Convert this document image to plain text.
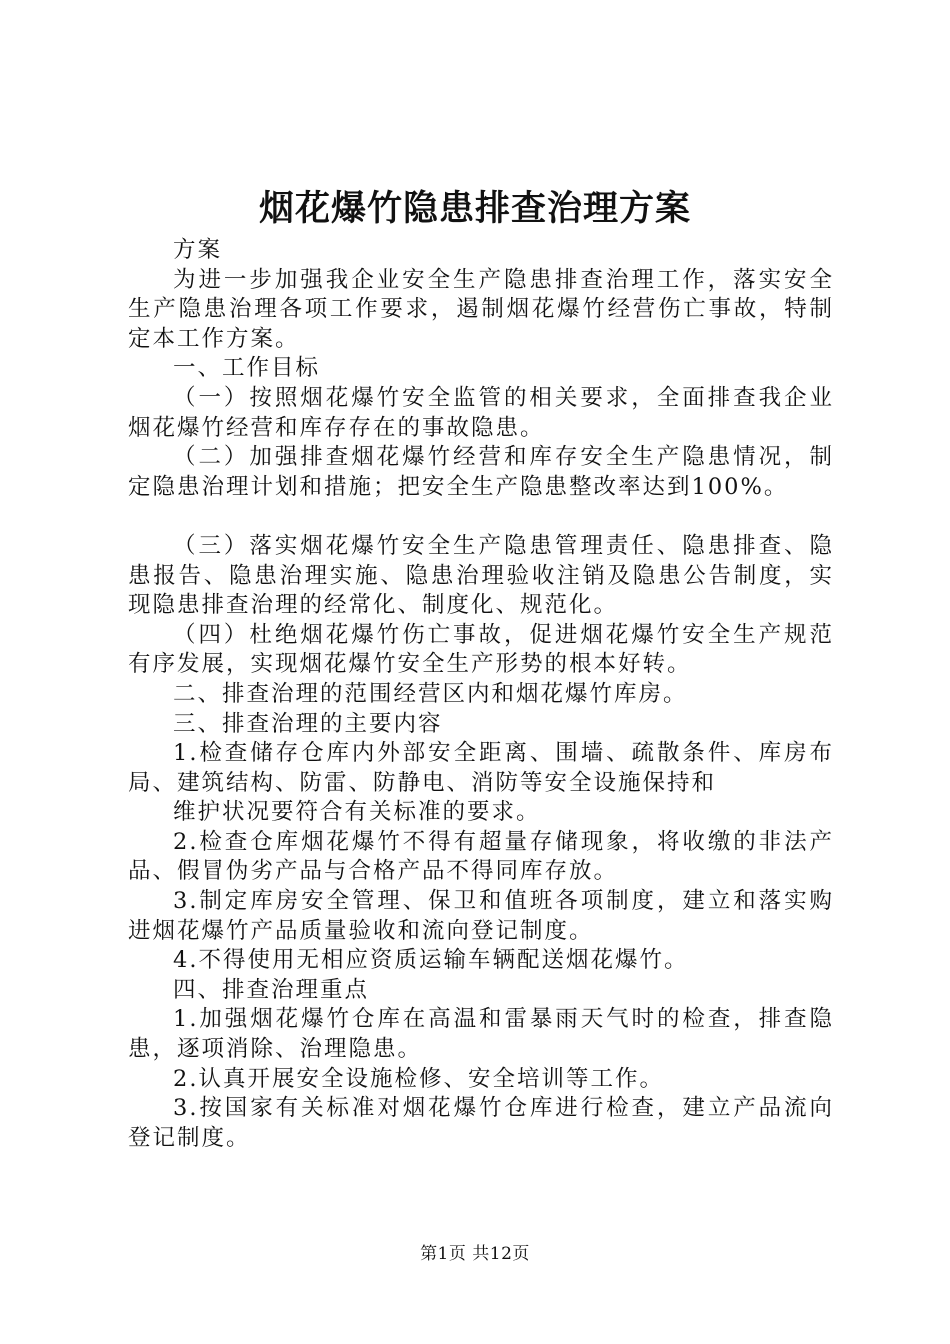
烟花爆竹隐患排查治理方案

方案

为进一步加强我企业安全生产隐患排查治理工作，落实安全生产隐患治理各项工作要求，遏制烟花爆竹经营伤亡事故，特制定本工作方案。

一、工作目标

（一）按照烟花爆竹安全监管的相关要求，全面排查我企业烟花爆竹经营和库存存在的事故隐患。

（二）加强排查烟花爆竹经营和库存安全生产隐患情况，制定隐患治理计划和措施；把安全生产隐患整改率达到100%。

（三）落实烟花爆竹安全生产隐患管理责任、隐患排查、隐患报告、隐患治理实施、隐患治理验收注销及隐患公告制度，实现隐患排查治理的经常化、制度化、规范化。

（四）杜绝烟花爆竹伤亡事故，促进烟花爆竹安全生产规范有序发展，实现烟花爆竹安全生产形势的根本好转。

二、排查治理的范围经营区内和烟花爆竹库房。

三、排查治理的主要内容

1.检查储存仓库内外部安全距离、围墙、疏散条件、库房布局、建筑结构、防雷、防静电、消防等安全设施保持和

维护状况要符合有关标准的要求。

2.检查仓库烟花爆竹不得有超量存储现象，将收缴的非法产品、假冒伪劣产品与合格产品不得同库存放。

3.制定库房安全管理、保卫和值班各项制度，建立和落实购进烟花爆竹产品质量验收和流向登记制度。

4.不得使用无相应资质运输车辆配送烟花爆竹。

四、排查治理重点

1.加强烟花爆竹仓库在高温和雷暴雨天气时的检查，排查隐患，逐项消除、治理隐患。

2.认真开展安全设施检修、安全培训等工作。

3.按国家有关标准对烟花爆竹仓库进行检查，建立产品流向登记制度。

第1页 共12页
